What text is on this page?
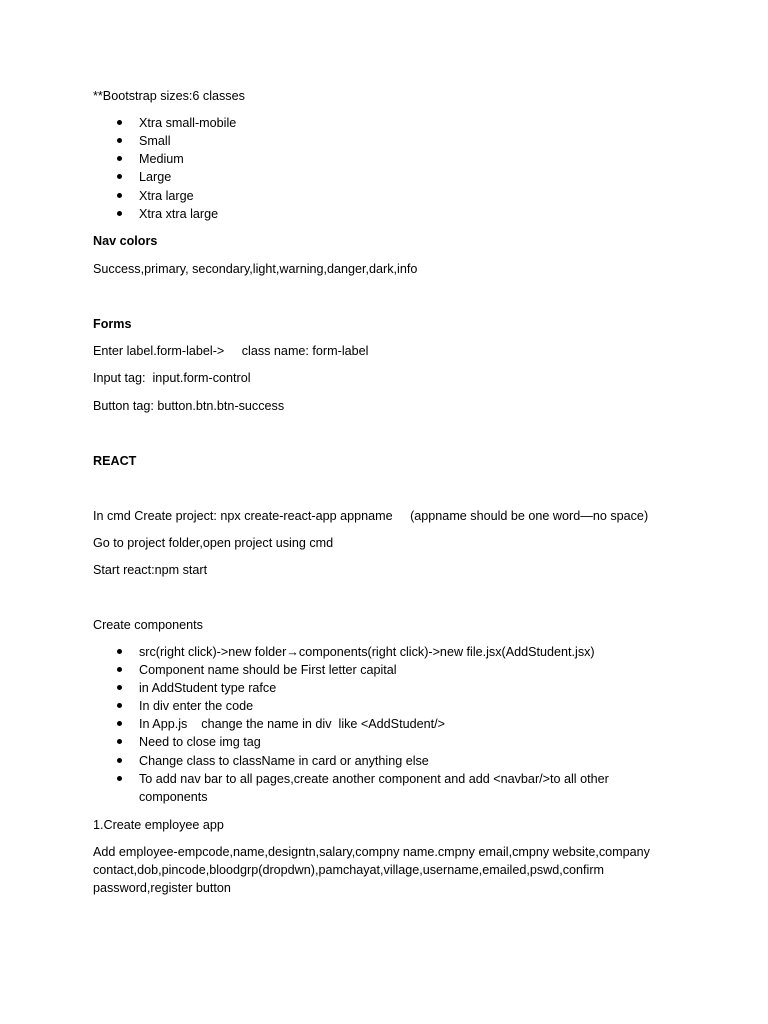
**Bootstrap sizes:6 classes
Xtra small-mobile
Small
Medium
Large
Xtra large
Xtra xtra large
Nav colors
Success,primary, secondary,light,warning,danger,dark,info
Forms
Enter label.form-label->     class name: form-label
Input tag:  input.form-control
Button tag: button.btn.btn-success
REACT
In cmd Create project: npx create-react-app appname     (appname should be one word—no space)
Go to project folder,open project using cmd
Start react:npm start
Create components
src(right click)->new folder→components(right click)->new file.jsx(AddStudent.jsx)
Component name should be First letter capital
in AddStudent type rafce
In div enter the code
In App.js    change the name in div  like <AddStudent/>
Need to close img tag
Change class to className in card or anything else
To add nav bar to all pages,create another component and add <navbar/>to all other
components
1.Create employee app
Add employee-empcode,name,designtn,salary,compny name.cmpny email,cmpny website,company
contact,dob,pincode,bloodgrp(dropdwn),pamchayat,village,username,emailed,pswd,confirm
password,register button
